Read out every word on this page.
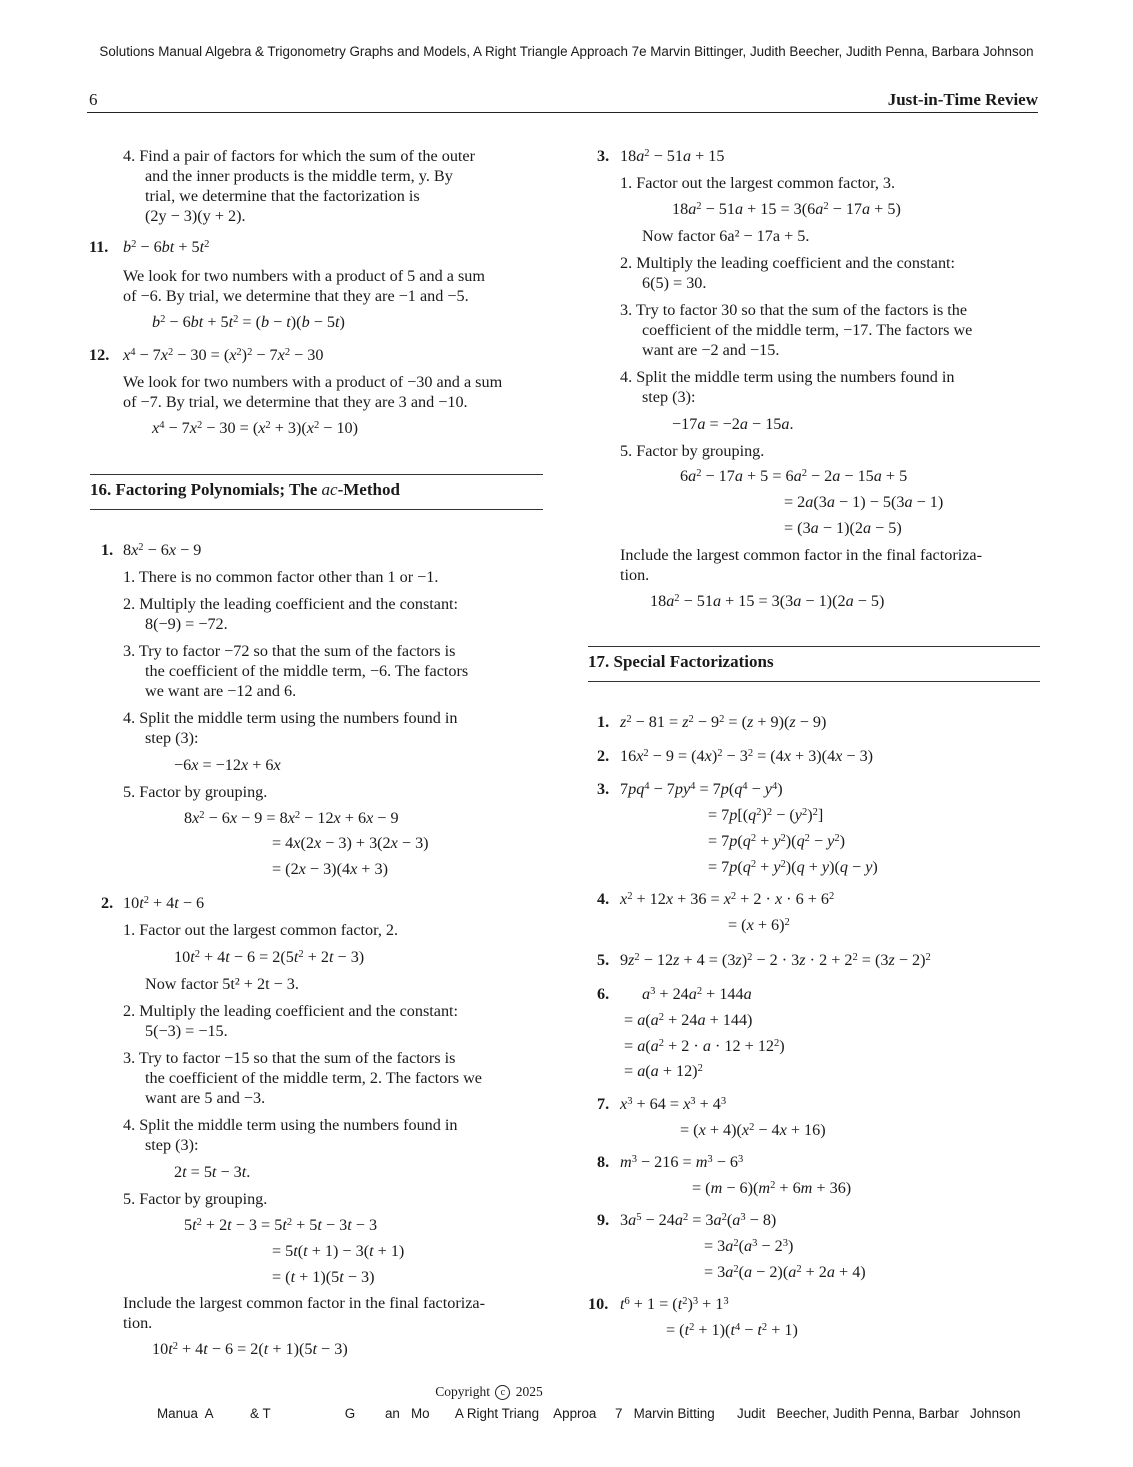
Solutions Manual Algebra & Trigonometry Graphs and Models, A Right Triangle Approach 7e Marvin Bittinger, Judith Beecher, Judith Penna, Barbara Johnson
6	Just-in-Time Review
4. Find a pair of factors for which the sum of the outer
and the inner products is the middle term, y. By
trial, we determine that the factorization is
(2y − 3)(y + 2).
11. $b^2 - 6bt + 5t^2$
We look for two numbers with a product of 5 and a sum
of −6. By trial, we determine that they are −1 and −5.
$b^2 - 6bt + 5t^2 = (b - t)(b - 5t)$
12. $x^4 - 7x^2 - 30 = (x^2)^2 - 7x^2 - 30$
We look for two numbers with a product of −30 and a sum
of −7. By trial, we determine that they are 3 and −10.
$x^4 - 7x^2 - 30 = (x^2 + 3)(x^2 - 10)$
16. Factoring Polynomials; The ac-Method
1. $8x^2 - 6x - 9$
1. There is no common factor other than 1 or −1.
2. Multiply the leading coefficient and the constant:
8(−9) = −72.
3. Try to factor −72 so that the sum of the factors is
the coefficient of the middle term, −6. The factors
we want are −12 and 6.
4. Split the middle term using the numbers found in
step (3):
−6x = −12x + 6x
5. Factor by grouping.
$8x^2 - 6x - 9 = 8x^2 - 12x + 6x - 9$
= 4x(2x − 3) + 3(2x − 3)
= (2x − 3)(4x + 3)
2. $10t^2 + 4t - 6$
1. Factor out the largest common factor, 2.
$10t^2 + 4t - 6 = 2(5t^2 + 2t - 3)$
Now factor 5t² + 2t − 3.
2. Multiply the leading coefficient and the constant:
5(−3) = −15.
3. Try to factor −15 so that the sum of the factors is
the coefficient of the middle term, 2. The factors we
want are 5 and −3.
4. Split the middle term using the numbers found in
step (3):
2t = 5t − 3t.
5. Factor by grouping.
$5t^2 + 2t - 3 = 5t^2 + 5t - 3t - 3$
= 5t(t + 1) − 3(t + 1)
= (t + 1)(5t − 3)
Include the largest common factor in the final factoriza-
tion.
$10t^2 + 4t - 6 = 2(t + 1)(5t - 3)$
3. $18a^2 - 51a + 15$
1. Factor out the largest common factor, 3.
$18a^2 - 51a + 15 = 3(6a^2 - 17a + 5)$
Now factor 6a² − 17a + 5.
2. Multiply the leading coefficient and the constant:
6(5) = 30.
3. Try to factor 30 so that the sum of the factors is the
coefficient of the middle term, −17. The factors we
want are −2 and −15.
4. Split the middle term using the numbers found in
step (3):
−17a = −2a − 15a.
5. Factor by grouping.
$6a^2 - 17a + 5 = 6a^2 - 2a - 15a + 5$
= 2a(3a − 1) − 5(3a − 1)
= (3a − 1)(2a − 5)
Include the largest common factor in the final factoriza-
tion.
$18a^2 - 51a + 15 = 3(3a - 1)(2a - 5)$
17. Special Factorizations
1. $z^2 - 81 = z^2 - 9^2 = (z + 9)(z - 9)$
2. $16x^2 - 9 = (4x)^2 - 3^2 = (4x + 3)(4x - 3)$
3. $7pq^4 - 7py^4 = 7p(q^4 - y^4)$
= $7p[(q^2)^2 - (y^2)^2]$
= $7p(q^2 + y^2)(q^2 - y^2)$
= $7p(q^2 + y^2)(q + y)(q - y)$
4. $x^2 + 12x + 36 = x^2 + 2 \cdot x \cdot 6 + 6^2$
= $(x + 6)^2$
5. $9z^2 - 12z + 4 = (3z)^2 - 2 \cdot 3z \cdot 2 + 2^2 = (3z - 2)^2$
6. $a^3 + 24a^2 + 144a$
= $a(a^2 + 24a + 144)$
= $a(a^2 + 2 \cdot a \cdot 12 + 12^2)$
= $a(a + 12)^2$
7. $x^3 + 64 = x^3 + 4^3$
= $(x + 4)(x^2 - 4x + 16)$
8. $m^3 - 216 = m^3 - 6^3$
= $(m - 6)(m^2 + 6m + 36)$
9. $3a^5 - 24a^2 = 3a^2(a^3 - 8)$
= $3a^2(a^3 - 2^3)$
= $3a^2(a - 2)(a^2 + 2a + 4)$
10. $t^6 + 1 = (t^2)^3 + 1^3$
= $(t^2 + 1)(t^4 - t^2 + 1)$
Copyright c 2025
Manua  A          & T                    G        an   Mo       A Right Triang    Approa     7   Marvin Bitting      Judit   Beecher, Judith Penna, Barbar   Johnson
